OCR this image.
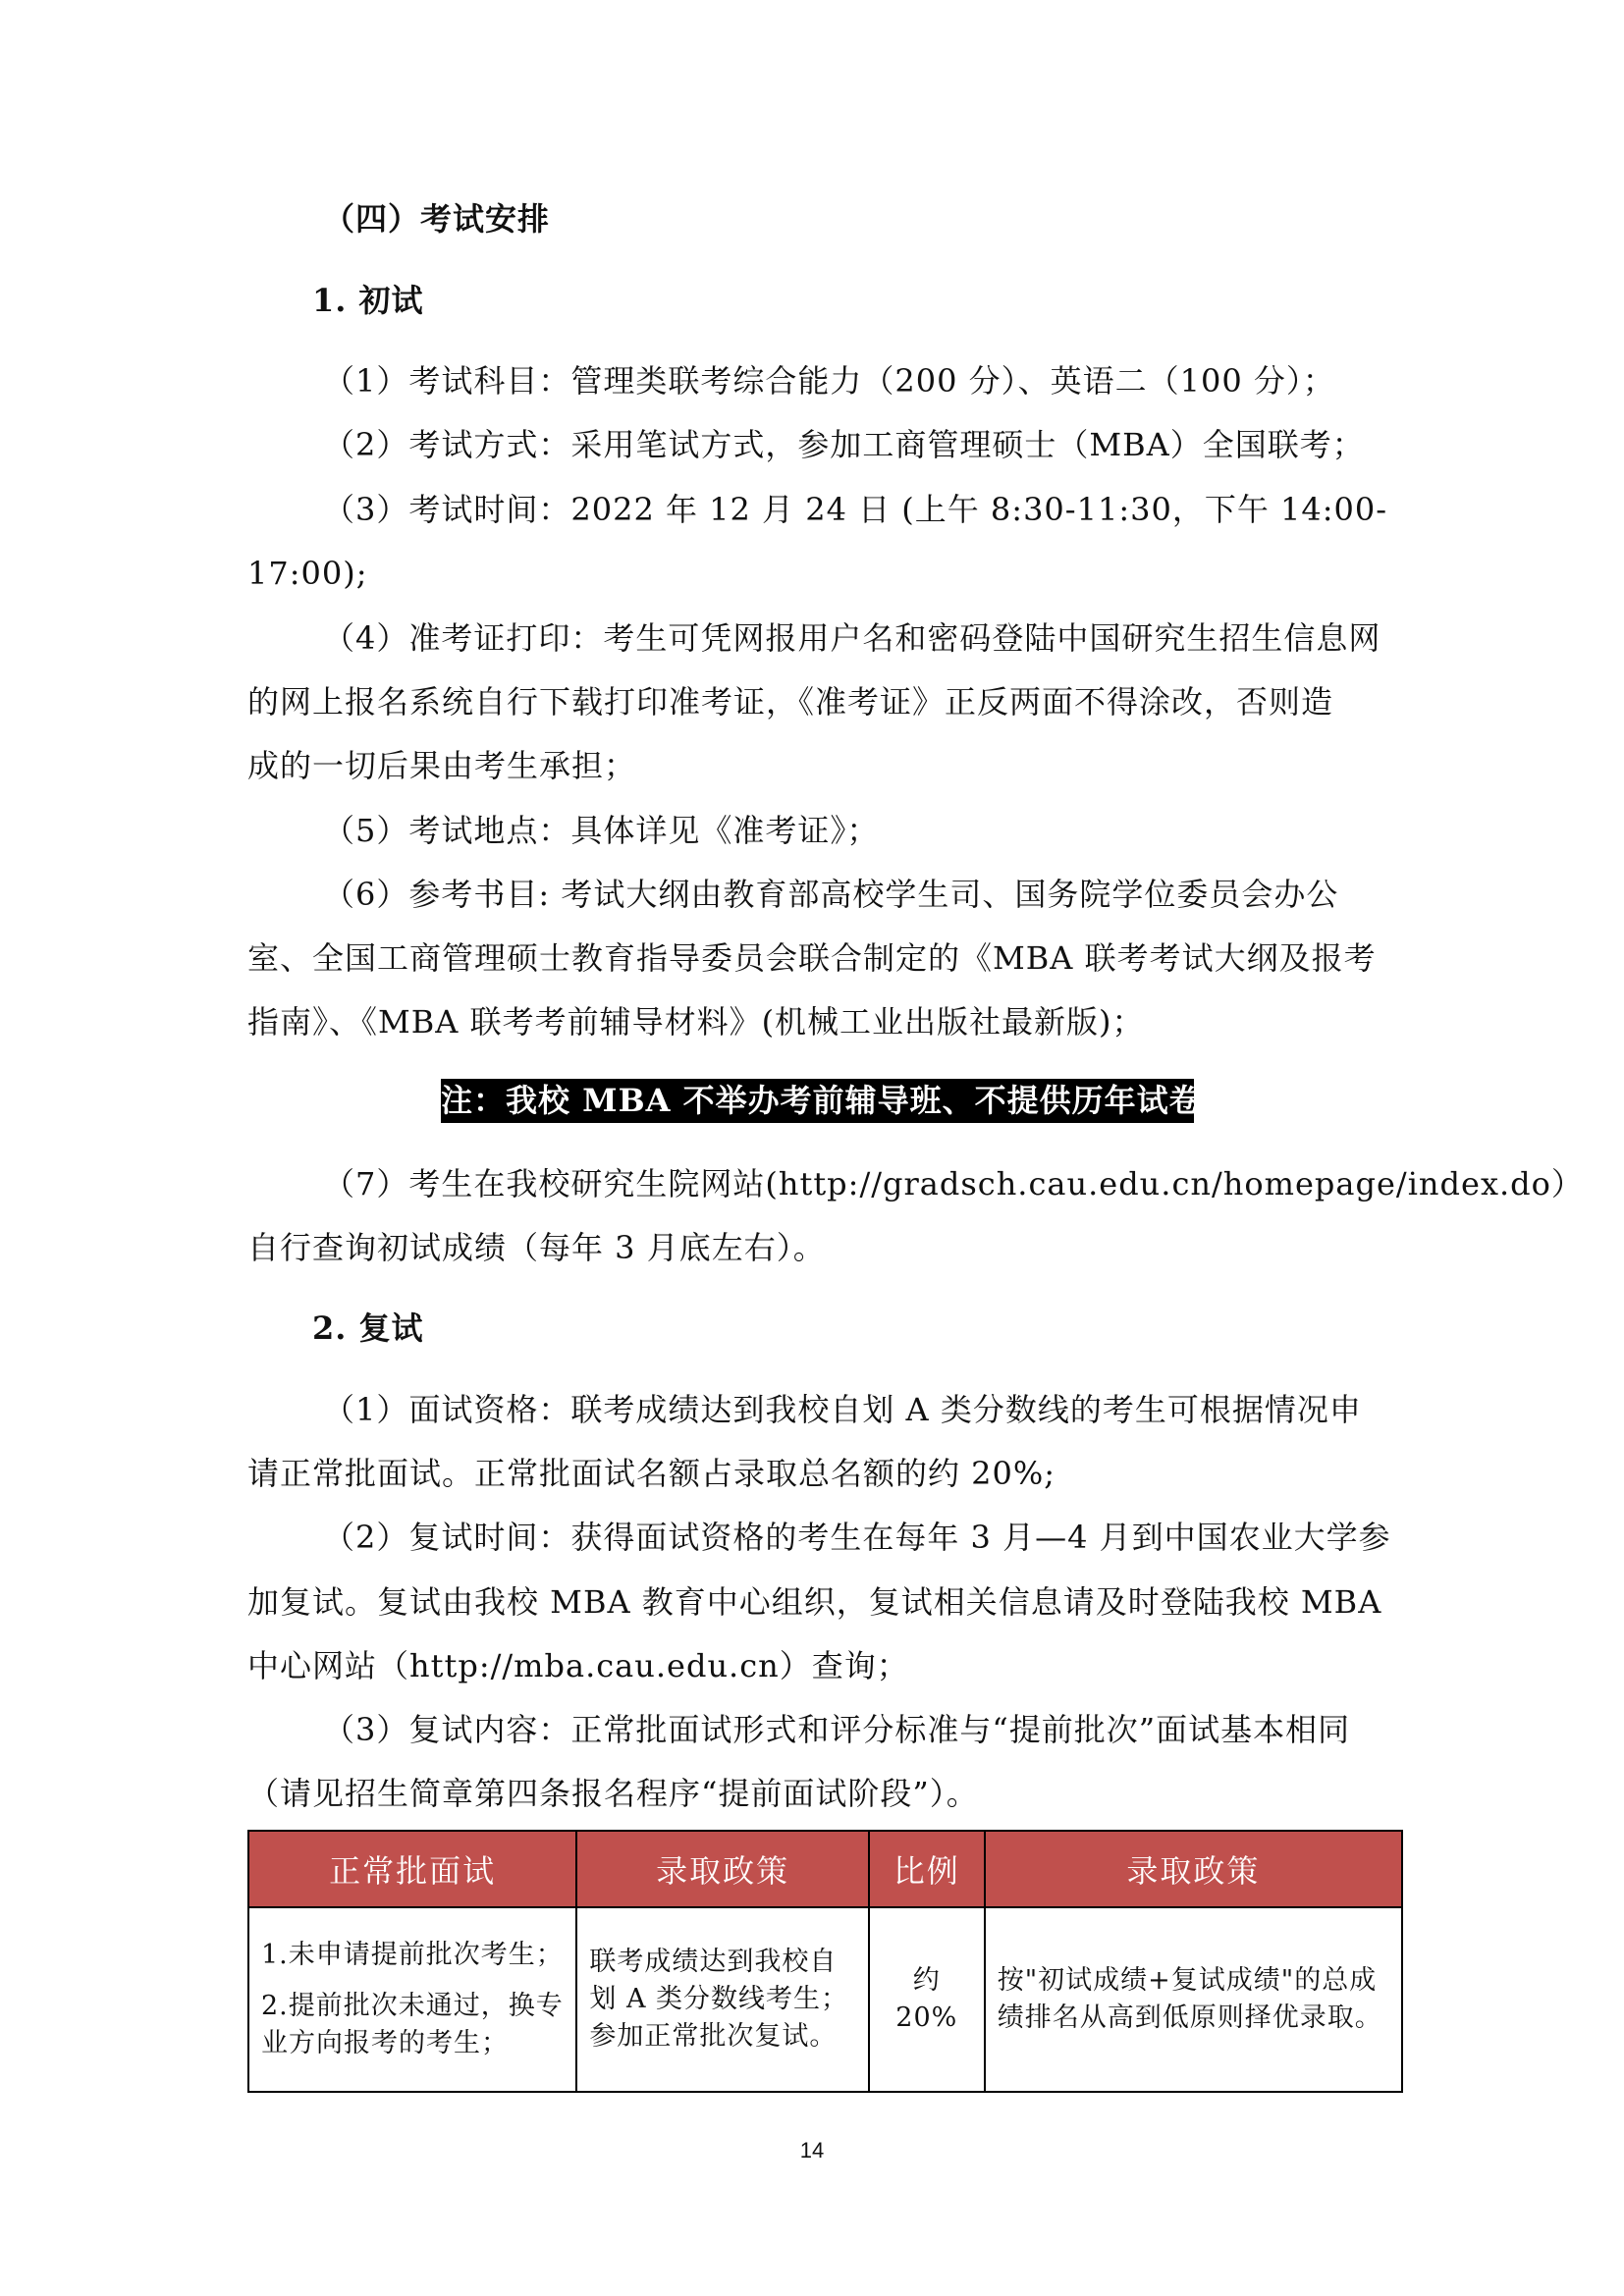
（四）考试安排
1. 初试
（1）考试科目：管理类联考综合能力（200 分）、英语二（100 分）；
（2）考试方式：采用笔试方式，参加工商管理硕士（MBA）全国联考；
（3）考试时间：2022 年 12 月 24 日 (上午 8:30-11:30，下午 14:00-
17:00);
（4）准考证打印：考生可凭网报用户名和密码登陆中国研究生招生信息网
的网上报名系统自行下载打印准考证，《准考证》正反两面不得涂改，否则造
成的一切后果由考生承担；
（5）考试地点：具体详见《准考证》；
（6）参考书目: 考试大纲由教育部高校学生司、国务院学位委员会办公
室、全国工商管理硕士教育指导委员会联合制定的《MBA 联考考试大纲及报考
指南》、《MBA 联考考前辅导材料》(机械工业出版社最新版)；
注：我校 MBA 不举办考前辅导班、不提供历年试卷
（7）考生在我校研究生院网站(http://gradsch.cau.edu.cn/homepage/index.do）
自行查询初试成绩（每年 3 月底左右）。
2. 复试
（1）面试资格：联考成绩达到我校自划 A 类分数线的考生可根据情况申
请正常批面试。正常批面试名额占录取总名额的约 20%;
（2）复试时间：获得面试资格的考生在每年 3 月—4 月到中国农业大学参
加复试。复试由我校 MBA 教育中心组织，复试相关信息请及时登陆我校 MBA
中心网站（http://mba.cau.edu.cn）查询；
（3）复试内容：正常批面试形式和评分标准与“提前批次”面试基本相同
（请见招生简章第四条报名程序“提前面试阶段”）。
正常批面试	录取政策	比例	录取政策

1.未申请提前批次考生；
2.提前批次未通过，换专业方向报考的考生；	联考成绩达到我校自划 A 类分数线考生；参加正常批次复试。	约 20%	按"初试成绩+复试成绩"的总成绩排名从高到低原则择优录取。
14
